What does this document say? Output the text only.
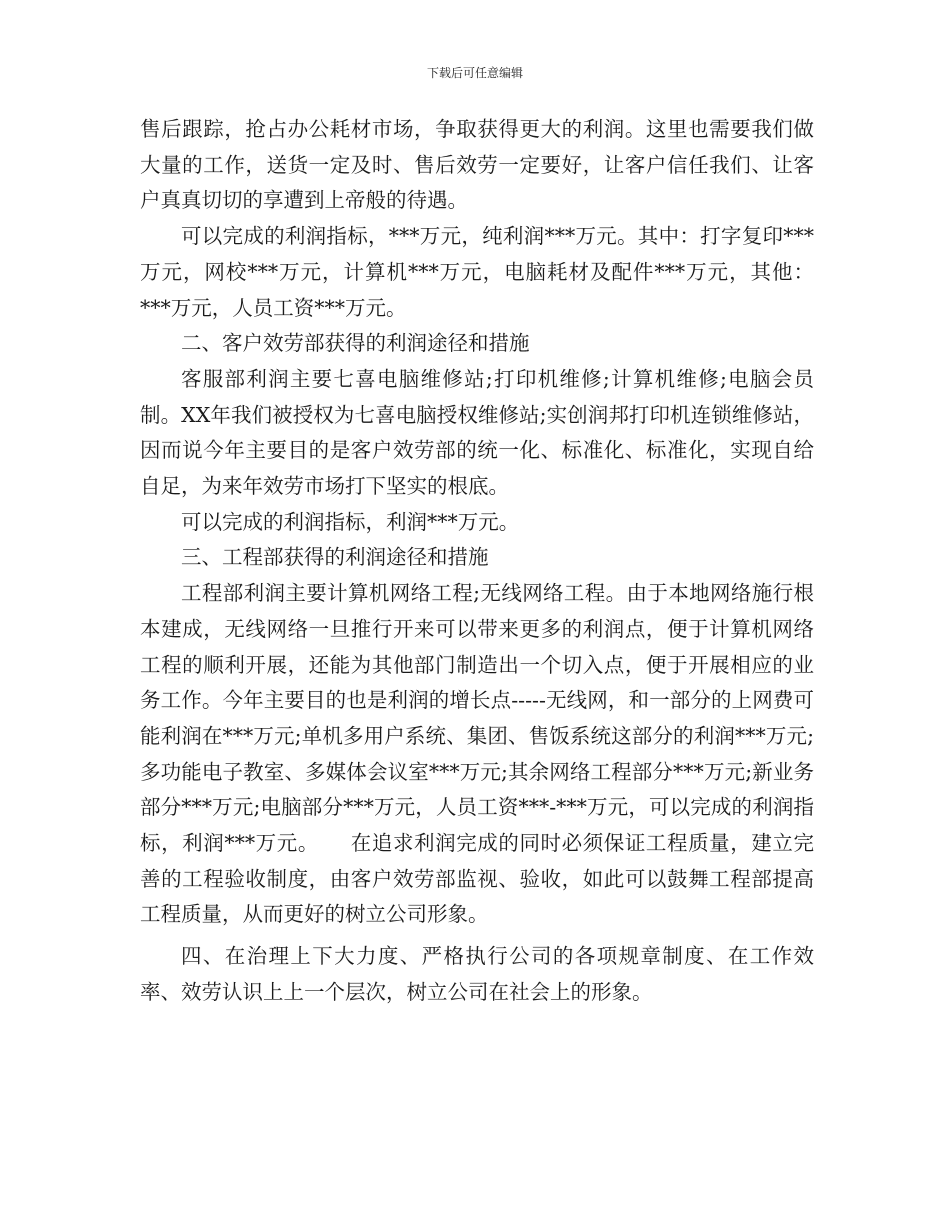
下载后可任意编辑

售后跟踪，抢占办公耗材市场，争取获得更大的利润。这里也需要我们做大量的工作，送货一定及时、售后效劳一定要好，让客户信任我们、让客户真真切切的享遭到上帝般的待遇。

可以完成的利润指标，***万元，纯利润***万元。其中：打字复印***万元，网校***万元，计算机***万元，电脑耗材及配件***万元，其他：***万元，人员工资***万元。

二、客户效劳部获得的利润途径和措施

客服部利润主要七喜电脑维修站;打印机维修;计算机维修;电脑会员制。XX年我们被授权为七喜电脑授权维修站;实创润邦打印机连锁维修站，因而说今年主要目的是客户效劳部的统一化、标准化、标准化，实现自给自足，为来年效劳市场打下坚实的根底。

可以完成的利润指标，利润***万元。

三、工程部获得的利润途径和措施

工程部利润主要计算机网络工程;无线网络工程。由于本地网络施行根本建成，无线网络一旦推行开来可以带来更多的利润点，便于计算机网络工程的顺利开展，还能为其他部门制造出一个切入点，便于开展相应的业务工作。今年主要目的也是利润的增长点-----无线网，和一部分的上网费可能利润在***万元;单机多用户系统、集团、售饭系统这部分的利润***万元;多功能电子教室、多媒体会议室***万元;其余网络工程部分***万元;新业务部分***万元;电脑部分***万元，人员工资***-***万元，可以完成的利润指标，利润***万元。　　在追求利润完成的同时必须保证工程质量，建立完善的工程验收制度，由客户效劳部监视、验收，如此可以鼓舞工程部提高工程质量，从而更好的树立公司形象。

四、在治理上下大力度、严格执行公司的各项规章制度、在工作效率、效劳认识上上一个层次，树立公司在社会上的形象。
